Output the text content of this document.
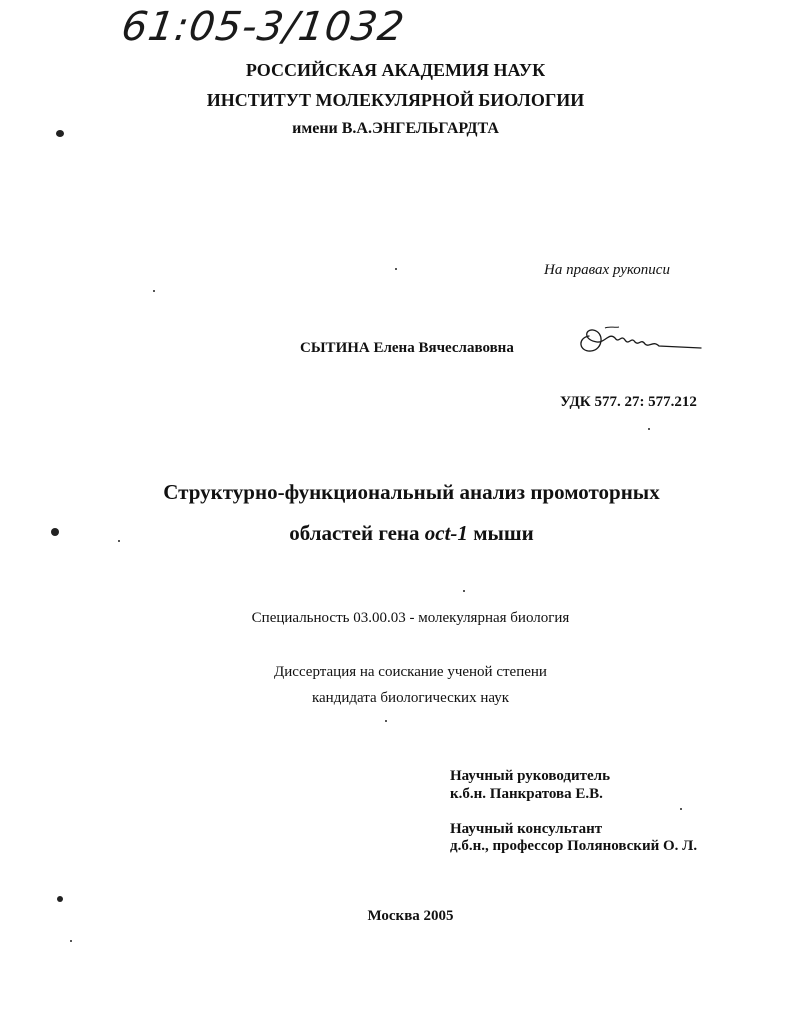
61:05-3/1032
РОССИЙСКАЯ АКАДЕМИЯ НАУК
ИНСТИТУТ МОЛЕКУЛЯРНОЙ БИОЛОГИИ
имени В.А.ЭНГЕЛЬГАРДТА
На правах рукописи
СЫТИНА Елена Вячеславовна
УДК 577. 27: 577.212
Структурно-функциональный анализ промоторных
областей гена oct-1 мыши
Специальность 03.00.03 - молекулярная биология
Диссертация на соискание ученой степени
кандидата биологических наук
Научный руководитель
к.б.н. Панкратова Е.В.
Научный консультант
д.б.н., профессор Поляновский О. Л.
Москва 2005
